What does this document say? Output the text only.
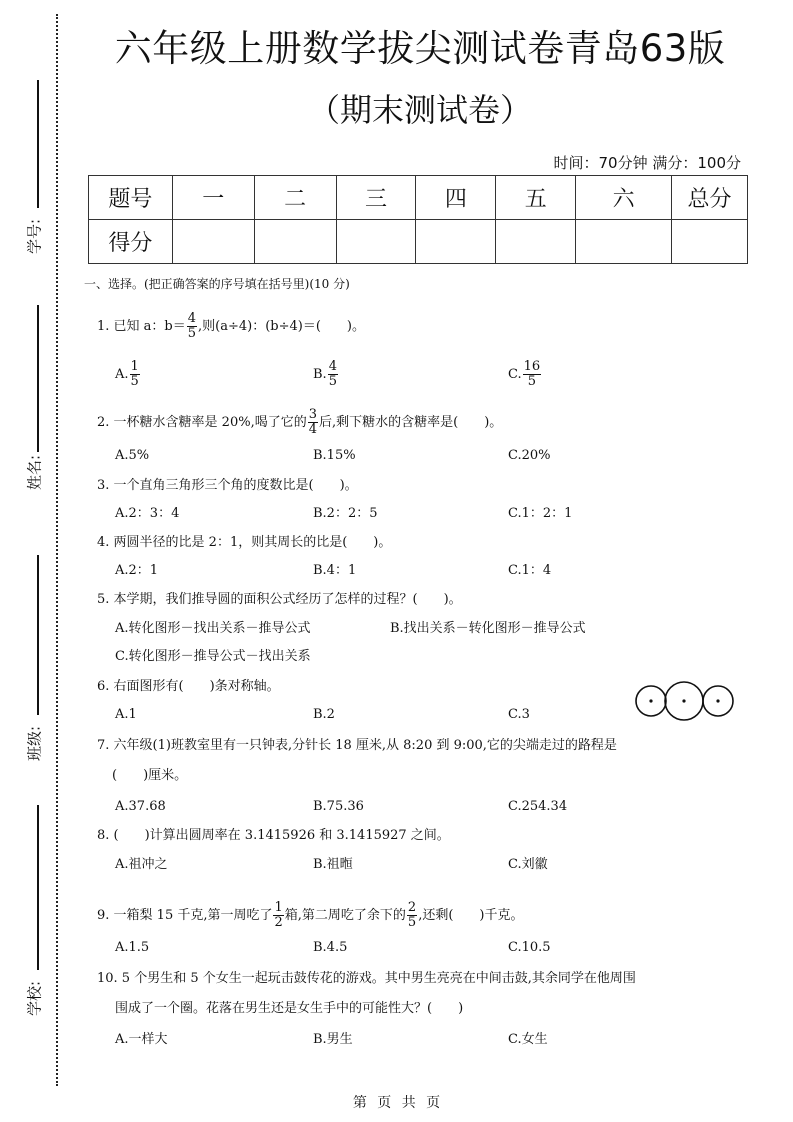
学号:
姓名:
班级:
学校:
六年级上册数学拔尖测试卷青岛63版
（期末测试卷）
时间：70分钟 满分：100分
题号	一	二	三	四	五	六	总分
得分							
一、选择。(把正确答案的序号填在括号里)(10 分)
1. 已知 a：$b= \frac{4}{5}$ ,则(a÷4)：(b÷4)＝(　　)。
A. $\frac{1}{5}$	B. $\frac{4}{5}$	C. $\frac{16}{5}$
2. 一杯糖水含糖率是 20%,喝了它的 $\frac{3}{4}$ 后,剩下糖水的含糖率是(　　)。
A.5%	B.15%	C.20%
3. 一个直角三角形三个角的度数比是(　　)。
A.2：3：4	B.2：2：5	C.1：2：1
4. 两圆半径的比是 2：1，则其周长的比是(　　)。
A.2：1	B.4：1	C.1：4
5. 本学期，我们推导圆的面积公式经历了怎样的过程？(　　)。
A.转化图形－找出关系－推导公式	B.找出关系－转化图形－推导公式
C.转化图形－推导公式－找出关系
6. 右面图形有(　　)条对称轴。
A.1	B.2	C.3
7. 六年级(1)班教室里有一只钟表,分针长 18 厘米,从 8:20 到 9:00,它的尖端走过的路程是
(　　)厘米。
A.37.68	B.75.36	C.254.34
8. (　　)计算出圆周率在 3.1415926 和 3.1415927 之间。
A.祖冲之	B.祖暅	C.刘徽
9. 一箱梨 15 千克,第一周吃了 $\frac{1}{2}$ 箱,第二周吃了余下的 $\frac{2}{5}$ ,还剩(　　)千克。
A.1.5	B.4.5	C.10.5
10. 5 个男生和 5 个女生一起玩击鼓传花的游戏。其中男生亮亮在中间击鼓,其余同学在他周围
围成了一个圈。花落在男生还是女生手中的可能性大？(　　)
A.一样大	B.男生	C.女生
第 页 共 页
